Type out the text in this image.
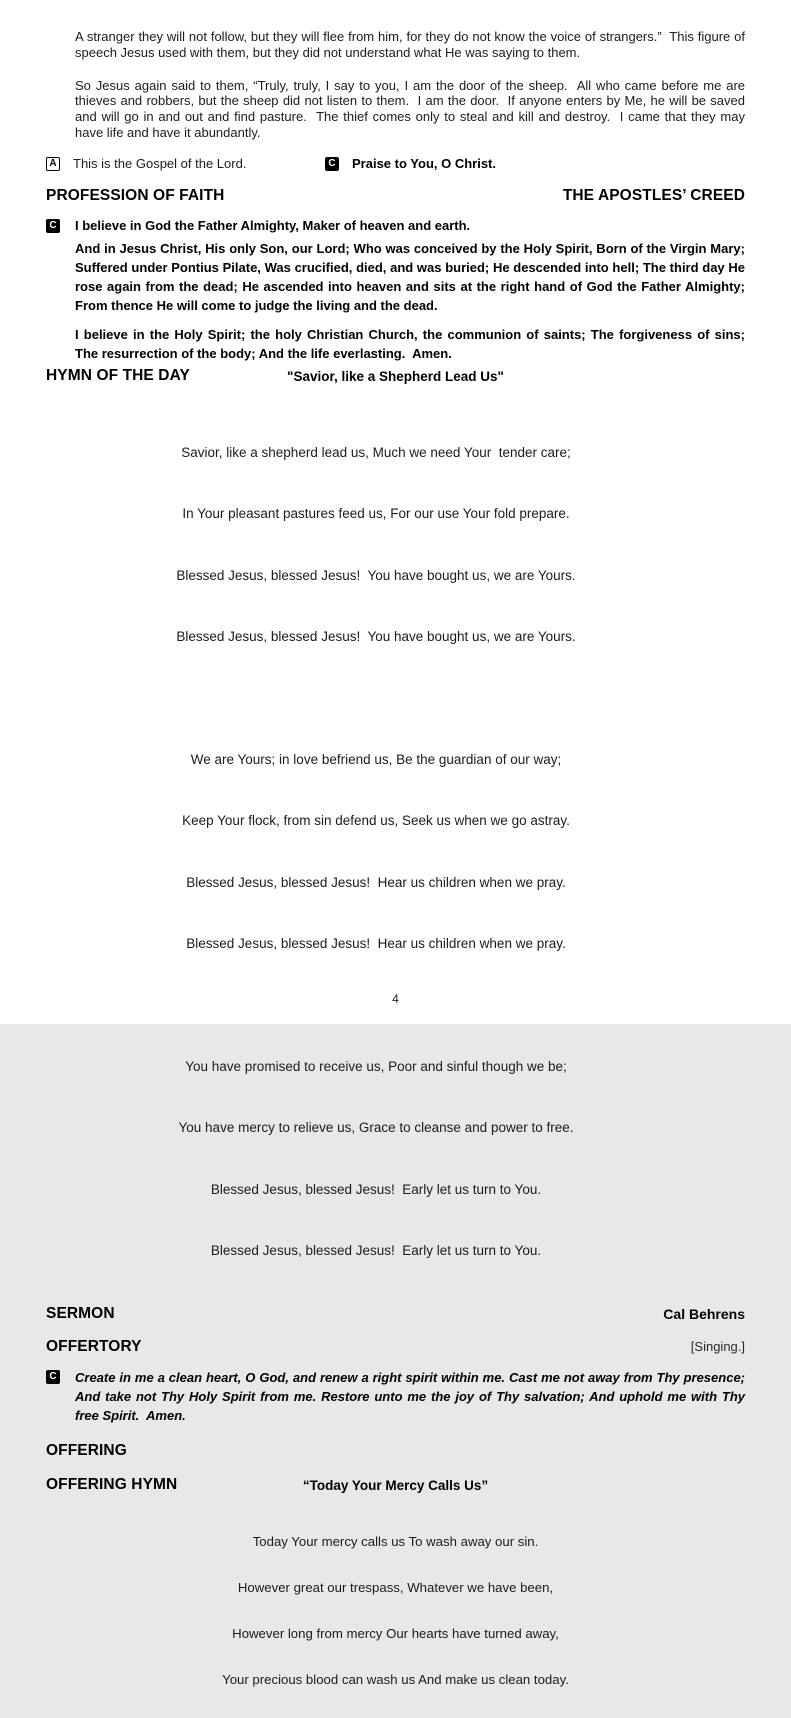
A stranger they will not follow, but they will flee from him, for they do not know the voice of strangers.”  This figure of speech Jesus used with them, but they did not understand what He was saying to them.

So Jesus again said to them, “Truly, truly, I say to you, I am the door of the sheep.  All who came before me are thieves and robbers, but the sheep did not listen to them.  I am the door.  If anyone enters by Me, he will be saved and will go in and out and find pasture.  The thief comes only to steal and kill and destroy.  I came that they may have life and have it abundantly.

A This is the Gospel of the Lord.	C Praise to You, O Christ.
PROFESSION OF FAITH	THE APOSTLES’ CREED
C I believe in God the Father Almighty, Maker of heaven and earth.

And in Jesus Christ, His only Son, our Lord; Who was conceived by the Holy Spirit, Born of the Virgin Mary; Suffered under Pontius Pilate, Was crucified, died, and was buried; He descended into hell; The third day He rose again from the dead; He ascended into heaven and sits at the right hand of God the Father Almighty; From thence He will come to judge the living and the dead.

I believe in the Holy Spirit; the holy Christian Church, the communion of saints; The forgiveness of sins; The resurrection of the body; And the life everlasting.  Amen.

HYMN OF THE DAY	"Savior, like a Shepherd Lead Us"

Savior, like a shepherd lead us, Much we need Your  tender care;

In Your pleasant pastures feed us, For our use Your fold prepare.

Blessed Jesus, blessed Jesus!  You have bought us, we are Yours.

Blessed Jesus, blessed Jesus!  You have bought us, we are Yours.

We are Yours; in love befriend us, Be the guardian of our way;

Keep Your flock, from sin defend us, Seek us when we go astray.

Blessed Jesus, blessed Jesus!  Hear us children when we pray.

Blessed Jesus, blessed Jesus!  Hear us children when we pray.

You have promised to receive us, Poor and sinful though we be;

You have mercy to relieve us, Grace to cleanse and power to free.

Blessed Jesus, blessed Jesus!  Early let us turn to You.

Blessed Jesus, blessed Jesus!  Early let us turn to You.

SERMON	Cal Behrens
OFFERTORY	[Singing.]
C Create in me a clean heart, O God, and renew a right spirit within me. Cast me not away from Thy presence; And take not Thy Holy Spirit from me. Restore unto me the joy of Thy salvation; And uphold me with Thy free Spirit.  Amen.

OFFERING
OFFERING HYMN	“Today Your Mercy Calls Us”

Today Your mercy calls us To wash away our sin.

However great our trespass, Whatever we have been,

However long from mercy Our hearts have turned away,

Your precious blood can wash us And make us clean today.

4
